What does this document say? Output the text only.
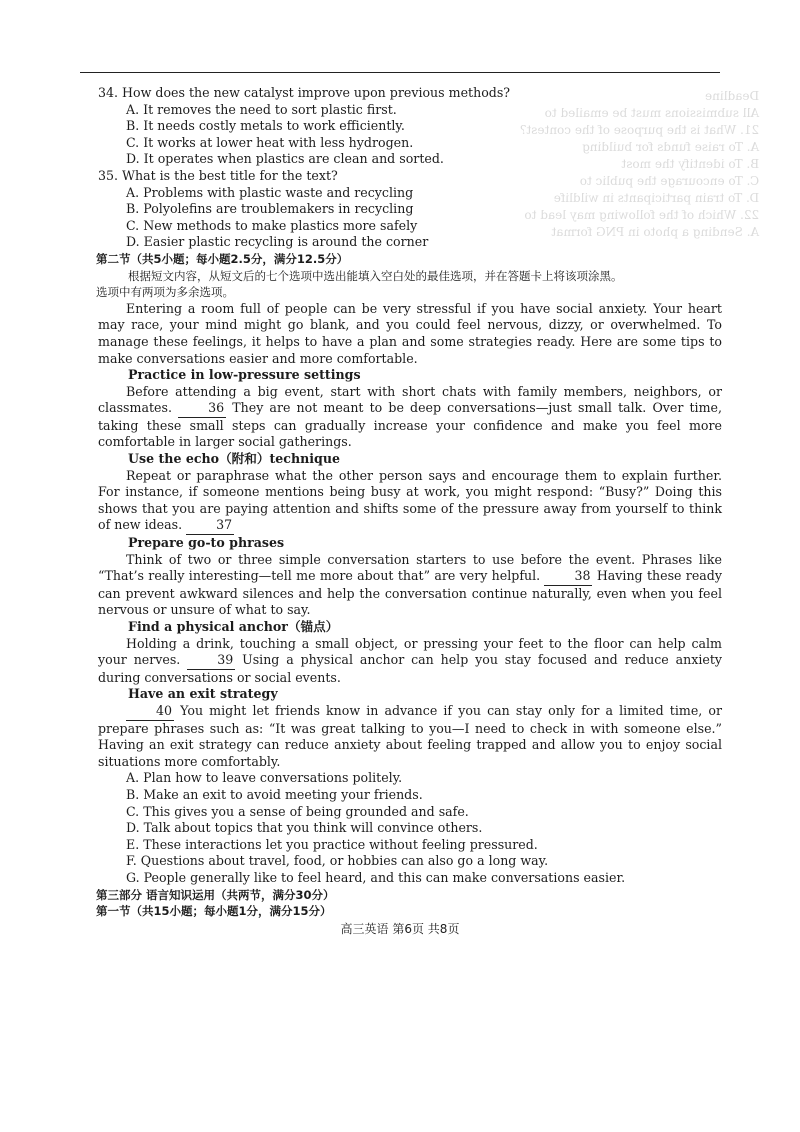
Deadline
All submissions must be emailed to
21. What is the purpose of the contest?
A. To raise funds for building
B. To identify the most
C. To encourage the public to
D. To train participants in wildlife
22. Which of the following may lead to
A. Sending a photo in PNG format
34. How does the new catalyst improve upon previous methods?
A. It removes the need to sort plastic first.
B. It needs costly metals to work efficiently.
C. It works at lower heat with less hydrogen.
D. It operates when plastics are clean and sorted.
35. What is the best title for the text?
A. Problems with plastic waste and recycling
B. Polyolefins are troublemakers in recycling
C. New methods to make plastics more safely
D. Easier plastic recycling is around the corner
第二节（共5小题；每小题2.5分，满分12.5分）
根据短文内容，从短文后的七个选项中选出能填入空白处的最佳选项，并在答题卡上将该项涂黑。
选项中有两项为多余选项。
Entering a room full of people can be very stressful if you have social anxiety. Your heart may race, your mind might go blank, and you could feel nervous, dizzy, or overwhelmed. To manage these feelings, it helps to have a plan and some strategies ready. Here are some tips to make conversations easier and more comfortable.
Practice in low-pressure settings
Before attending a big event, start with short chats with family members, neighbors, or classmates.	36 They are not meant to be deep conversations—just small talk. Over time, taking these small steps can gradually increase your confidence and make you feel more comfortable in larger social gatherings.
Use the echo（附和）technique
Repeat or paraphrase what the other person says and encourage them to explain further. For instance, if someone mentions being busy at work, you might respond: “Busy?” Doing this shows that you are paying attention and shifts some of the pressure away from yourself to think of new ideas.	37
Prepare go-to phrases
Think of two or three simple conversation starters to use before the event. Phrases like “That’s really interesting—tell me more about that” are very helpful.	38 Having these ready can prevent awkward silences and help the conversation continue naturally, even when you feel nervous or unsure of what to say.
Find a physical anchor（锚点）
Holding a drink, touching a small object, or pressing your feet to the floor can help calm your nerves.	39 Using a physical anchor can help you stay focused and reduce anxiety during conversations or social events.
Have an exit strategy
40 You might let friends know in advance if you can stay only for a limited time, or prepare phrases such as: “It was great talking to you—I need to check in with someone else.” Having an exit strategy can reduce anxiety about feeling trapped and allow you to enjoy social situations more comfortably.
A. Plan how to leave conversations politely.
B. Make an exit to avoid meeting your friends.
C. This gives you a sense of being grounded and safe.
D. Talk about topics that you think will convince others.
E. These interactions let you practice without feeling pressured.
F. Questions about travel, food, or hobbies can also go a long way.
G. People generally like to feel heard, and this can make conversations easier.
第三部分 语言知识运用（共两节，满分30分）
第一节（共15小题；每小题1分，满分15分）
高三英语 第6页 共8页
